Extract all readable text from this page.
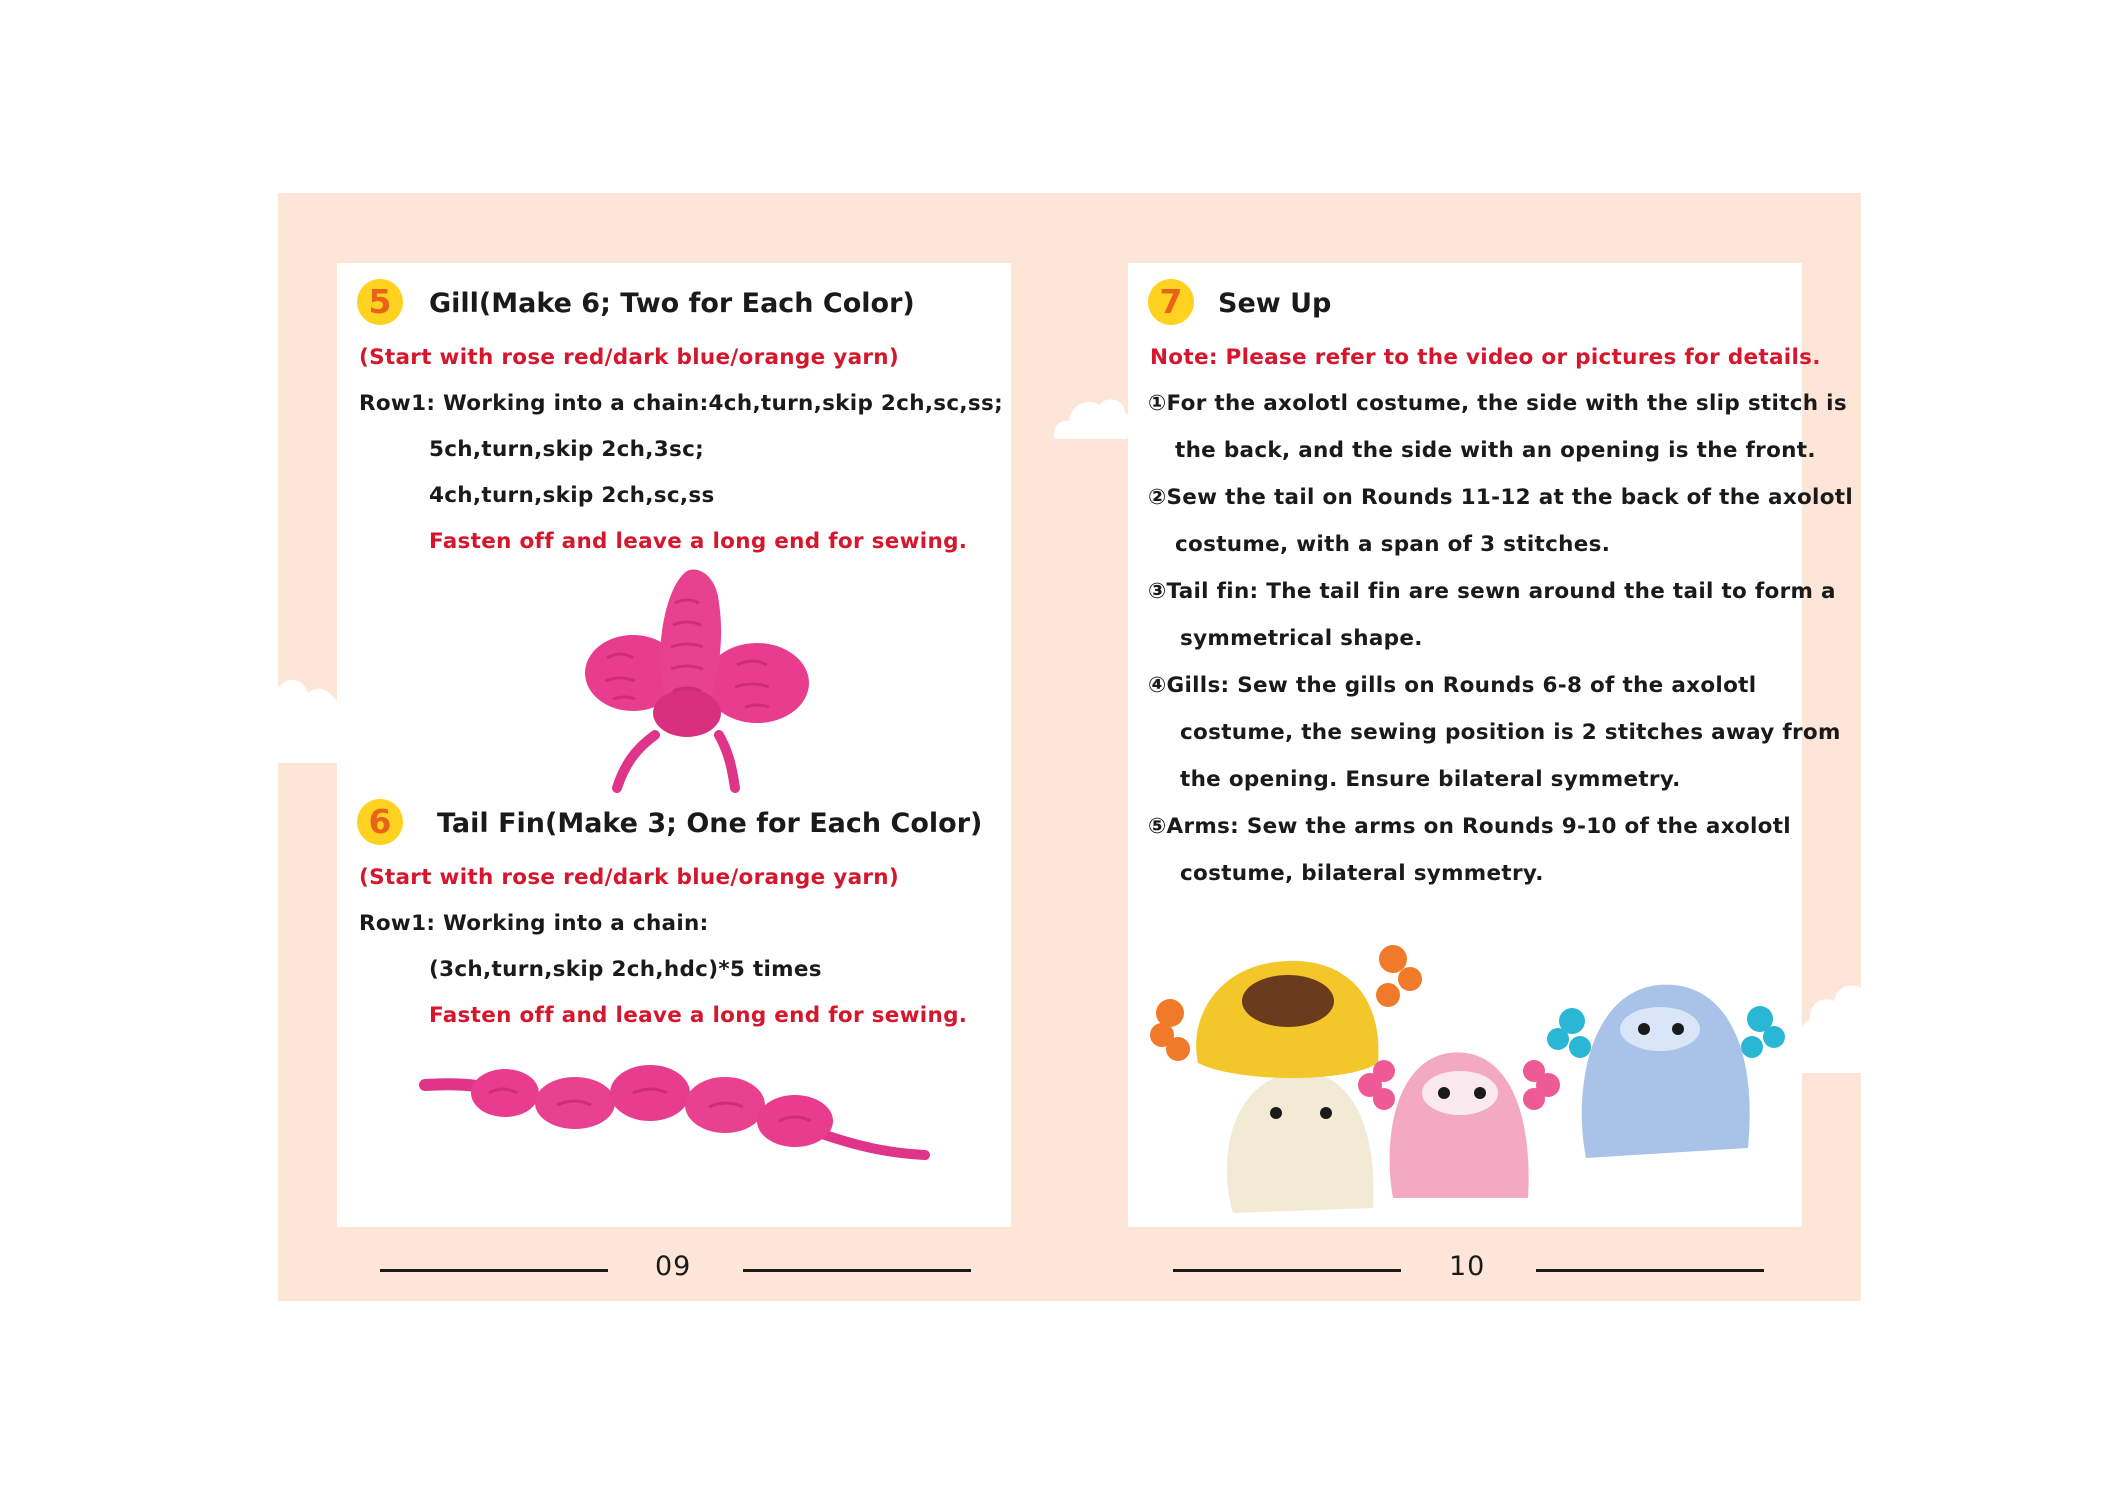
5	Gill(Make 6; Two for Each Color)
(Start with rose red/dark blue/orange yarn)
Row1: Working into a chain:4ch,turn,skip 2ch,sc,ss;
5ch,turn,skip 2ch,3sc;
4ch,turn,skip 2ch,sc,ss
Fasten off and leave a long end for sewing.
6	Tail Fin(Make 3; One for Each Color)
(Start with rose red/dark blue/orange yarn)
Row1: Working into a chain:
(3ch,turn,skip 2ch,hdc)*5 times
Fasten off and leave a long end for sewing.
09
7	Sew Up
Note: Please refer to the video or pictures for details.
①For the axolotl costume, the side with the slip stitch is
the back, and the side with an opening is the front.
②Sew the tail on Rounds 11-12 at the back of the axolotl
costume, with a span of 3 stitches.
③Tail fin: The tail fin are sewn around the tail to form a
symmetrical shape.
④Gills: Sew the gills on Rounds 6-8 of the axolotl
costume, the sewing position is 2 stitches away from
the opening. Ensure bilateral symmetry.
⑤Arms: Sew the arms on Rounds 9-10 of the axolotl
costume, bilateral symmetry.
10
